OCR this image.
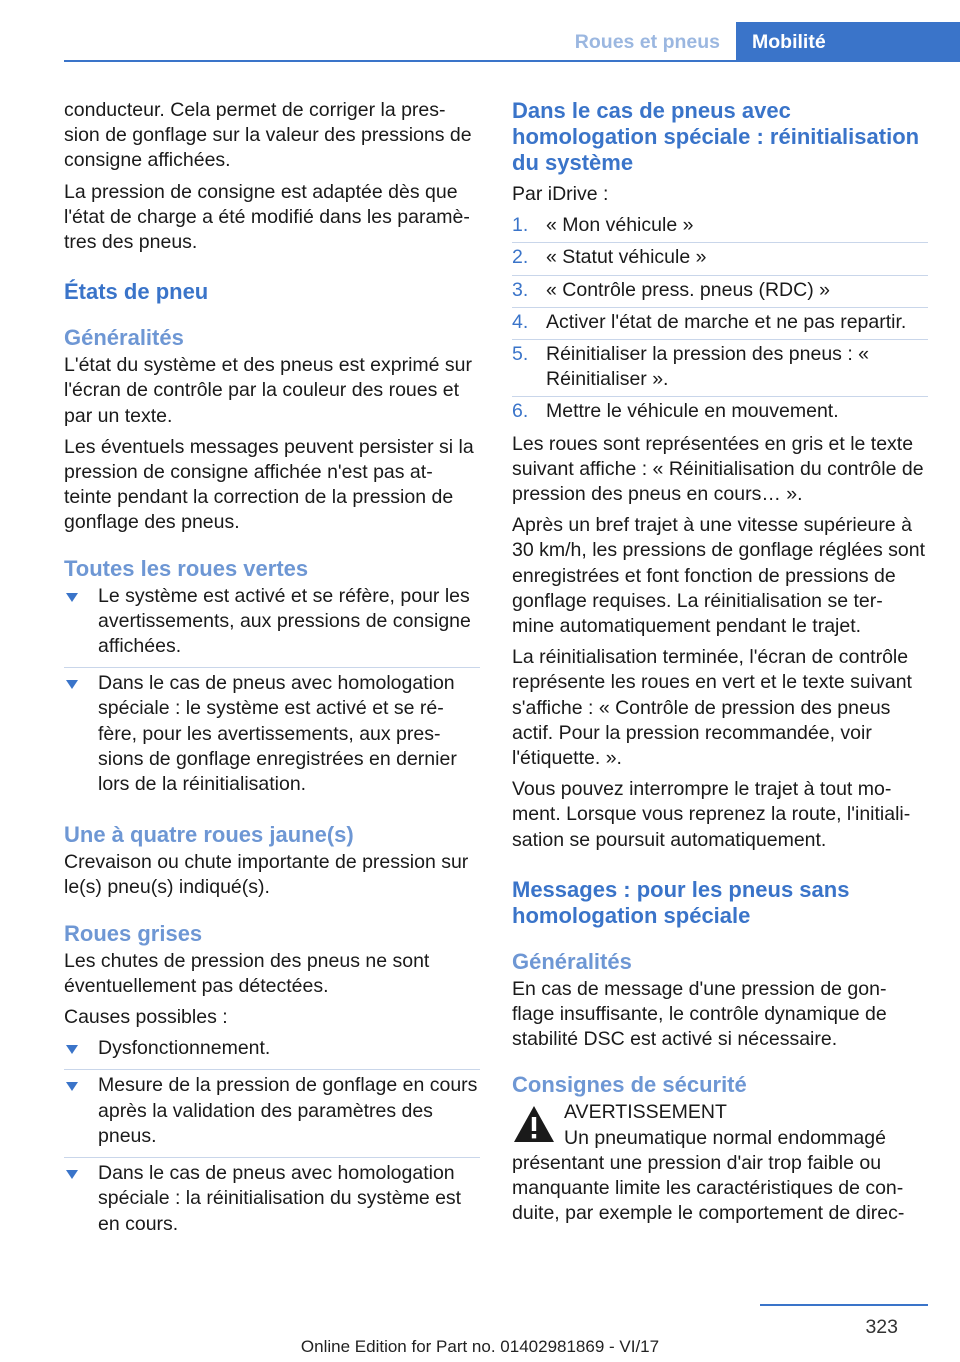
Roues et pneus	Mobilité

conducteur. Cela permet de corriger la pres‐ sion de gonflage sur la valeur des pressions de consigne affichées.

La pression de consigne est adaptée dès que l'état de charge a été modifié dans les paramè‐ tres des pneus.

États de pneu
Généralités

L'état du système et des pneus est exprimé sur l'écran de contrôle par la couleur des roues et par un texte.

Les éventuels messages peuvent persister si la pression de consigne affichée n'est pas at‐ teinte pendant la correction de la pression de gonflage des pneus.

Toutes les roues vertes
Le système est activé et se réfère, pour les avertissements, aux pressions de consigne affichées.
Dans le cas de pneus avec homologation spéciale : le système est activé et se ré‐ fère, pour les avertissements, aux pres‐ sions de gonflage enregistrées en dernier lors de la réinitialisation.
Une à quatre roues jaune(s)

Crevaison ou chute importante de pression sur le(s) pneu(s) indiqué(s).

Roues grises

Les chutes de pression des pneus ne sont éventuellement pas détectées.

Causes possibles :

Dysfonctionnement.
Mesure de la pression de gonflage en cours après la validation des paramètres des pneus.
Dans le cas de pneus avec homologation spéciale : la réinitialisation du système est en cours.
Dans le cas de pneus avec homologation spéciale : réinitialisation du système

Par iDrive :

1. « Mon véhicule »
2. « Statut véhicule »
3. « Contrôle press. pneus (RDC) »
4. Activer l'état de marche et ne pas repartir.
5. Réinitialiser la pression des pneus : « Réinitialiser ».
6. Mettre le véhicule en mouvement.

Les roues sont représentées en gris et le texte suivant affiche : « Réinitialisation du contrôle de pression des pneus en cours… ».

Après un bref trajet à une vitesse supérieure à 30 km/h, les pressions de gonflage réglées sont enregistrées et font fonction de pressions de gonflage requises. La réinitialisation se ter‐ mine automatiquement pendant le trajet.

La réinitialisation terminée, l'écran de contrôle représente les roues en vert et le texte suivant s'affiche : « Contrôle de pression des pneus actif. Pour la pression recommandée, voir l'étiquette. ».

Vous pouvez interrompre le trajet à tout mo‐ ment. Lorsque vous reprenez la route, l'initiali‐ sation se poursuit automatiquement.

Messages : pour les pneus sans homologation spéciale
Généralités

En cas de message d'une pression de gon‐ flage insuffisante, le contrôle dynamique de stabilité DSC est activé si nécessaire.

Consignes de sécurité
AVERTISSEMENT
Un pneumatique normal endommagé
présentant une pression d'air trop faible ou manquante limite les caractéristiques de con‐ duite, par exemple le comportement de direc‐
323
Online Edition for Part no. 01402981869 - VI/17
